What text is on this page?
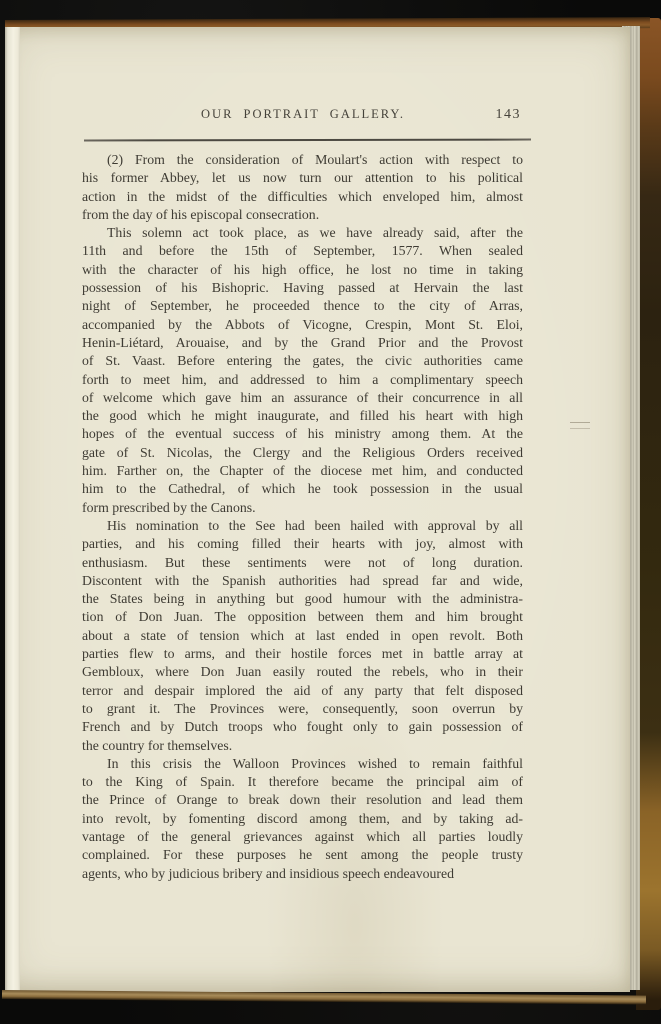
OUR PORTRAIT GALLERY.	143
(2) From the consideration of Moulart's action with respect to
his former Abbey, let us now turn our attention to his political
action in the midst of the difficulties which enveloped him, almost
from the day of his episcopal consecration.
This solemn act took place, as we have already said, after the
11th and before the 15th of September, 1577. When sealed
with the character of his high office, he lost no time in taking
possession of his Bishopric. Having passed at Hervain the last
night of September, he proceeded thence to the city of Arras,
accompanied by the Abbots of Vicogne, Crespin, Mont St. Eloi,
Henin-Liétard, Arouaise, and by the Grand Prior and the Provost
of St. Vaast. Before entering the gates, the civic authorities came
forth to meet him, and addressed to him a complimentary speech
of welcome which gave him an assurance of their concurrence in all
the good which he might inaugurate, and filled his heart with high
hopes of the eventual success of his ministry among them. At the
gate of St. Nicolas, the Clergy and the Religious Orders received
him. Farther on, the Chapter of the diocese met him, and conducted
him to the Cathedral, of which he took possession in the usual
form prescribed by the Canons.
His nomination to the See had been hailed with approval by all
parties, and his coming filled their hearts with joy, almost with
enthusiasm. But these sentiments were not of long duration.
Discontent with the Spanish authorities had spread far and wide,
the States being in anything but good humour with the administra-
tion of Don Juan. The opposition between them and him brought
about a state of tension which at last ended in open revolt. Both
parties flew to arms, and their hostile forces met in battle array at
Gembloux, where Don Juan easily routed the rebels, who in their
terror and despair implored the aid of any party that felt disposed
to grant it. The Provinces were, consequently, soon overrun by
French and by Dutch troops who fought only to gain possession of
the country for themselves.
In this crisis the Walloon Provinces wished to remain faithful
to the King of Spain. It therefore became the principal aim of
the Prince of Orange to break down their resolution and lead them
into revolt, by fomenting discord among them, and by taking ad-
vantage of the general grievances against which all parties loudly
complained. For these purposes he sent among the people trusty
agents, who by judicious bribery and insidious speech endeavoured
